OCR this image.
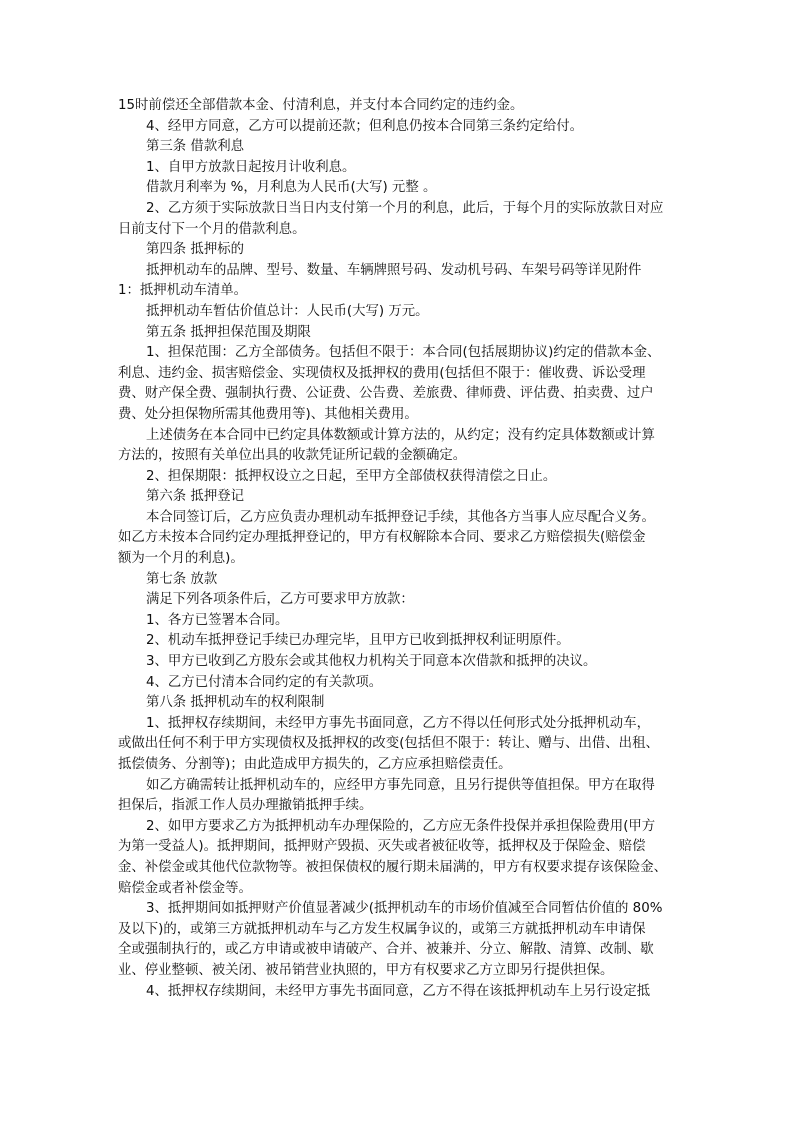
15时前偿还全部借款本金、付清利息，并支付本合同约定的违约金。
4、经甲方同意，乙方可以提前还款；但利息仍按本合同第三条约定给付。
第三条 借款利息
1、自甲方放款日起按月计收利息。
借款月利率为 %，月利息为人民币(大写) 元整 。
2、乙方须于实际放款日当日内支付第一个月的利息，此后，于每个月的实际放款日对应
日前支付下一个月的借款利息。
第四条 抵押标的
抵押机动车的品牌、型号、数量、车辆牌照号码、发动机号码、车架号码等详见附件
1：抵押机动车清单。
抵押机动车暂估价值总计：人民币(大写) 万元。
第五条 抵押担保范围及期限
1、担保范围：乙方全部债务。包括但不限于：本合同(包括展期协议)约定的借款本金、
利息、违约金、损害赔偿金、实现债权及抵押权的费用(包括但不限于：催收费、诉讼受理
费、财产保全费、强制执行费、公证费、公告费、差旅费、律师费、评估费、拍卖费、过户
费、处分担保物所需其他费用等)、其他相关费用。
上述债务在本合同中已约定具体数额或计算方法的，从约定；没有约定具体数额或计算
方法的，按照有关单位出具的收款凭证所记载的金额确定。
2、担保期限：抵押权设立之日起，至甲方全部债权获得清偿之日止。
第六条 抵押登记
本合同签订后，乙方应负责办理机动车抵押登记手续，其他各方当事人应尽配合义务。
如乙方未按本合同约定办理抵押登记的，甲方有权解除本合同、要求乙方赔偿损失(赔偿金
额为一个月的利息)。
第七条 放款
满足下列各项条件后，乙方可要求甲方放款：
1、各方已签署本合同。
2、机动车抵押登记手续已办理完毕，且甲方已收到抵押权利证明原件。
3、甲方已收到乙方股东会或其他权力机构关于同意本次借款和抵押的决议。
4、乙方已付清本合同约定的有关款项。
第八条 抵押机动车的权利限制
1、抵押权存续期间，未经甲方事先书面同意，乙方不得以任何形式处分抵押机动车，
或做出任何不利于甲方实现债权及抵押权的改变(包括但不限于：转让、赠与、出借、出租、
抵偿债务、分割等)；由此造成甲方损失的，乙方应承担赔偿责任。
如乙方确需转让抵押机动车的，应经甲方事先同意，且另行提供等值担保。甲方在取得
担保后，指派工作人员办理撤销抵押手续。
2、如甲方要求乙方为抵押机动车办理保险的，乙方应无条件投保并承担保险费用(甲方
为第一受益人)。抵押期间，抵押财产毁损、灭失或者被征收等，抵押权及于保险金、赔偿
金、补偿金或其他代位款物等。被担保债权的履行期未届满的，甲方有权要求提存该保险金、
赔偿金或者补偿金等。
3、抵押期间如抵押财产价值显著减少(抵押机动车的市场价值减至合同暂估价值的 80%
及以下)的，或第三方就抵押机动车与乙方发生权属争议的，或第三方就抵押机动车申请保
全或强制执行的，或乙方申请或被申请破产、合并、被兼并、分立、解散、清算、改制、歇
业、停业整顿、被关闭、被吊销营业执照的，甲方有权要求乙方立即另行提供担保。
4、抵押权存续期间，未经甲方事先书面同意，乙方不得在该抵押机动车上另行设定抵
